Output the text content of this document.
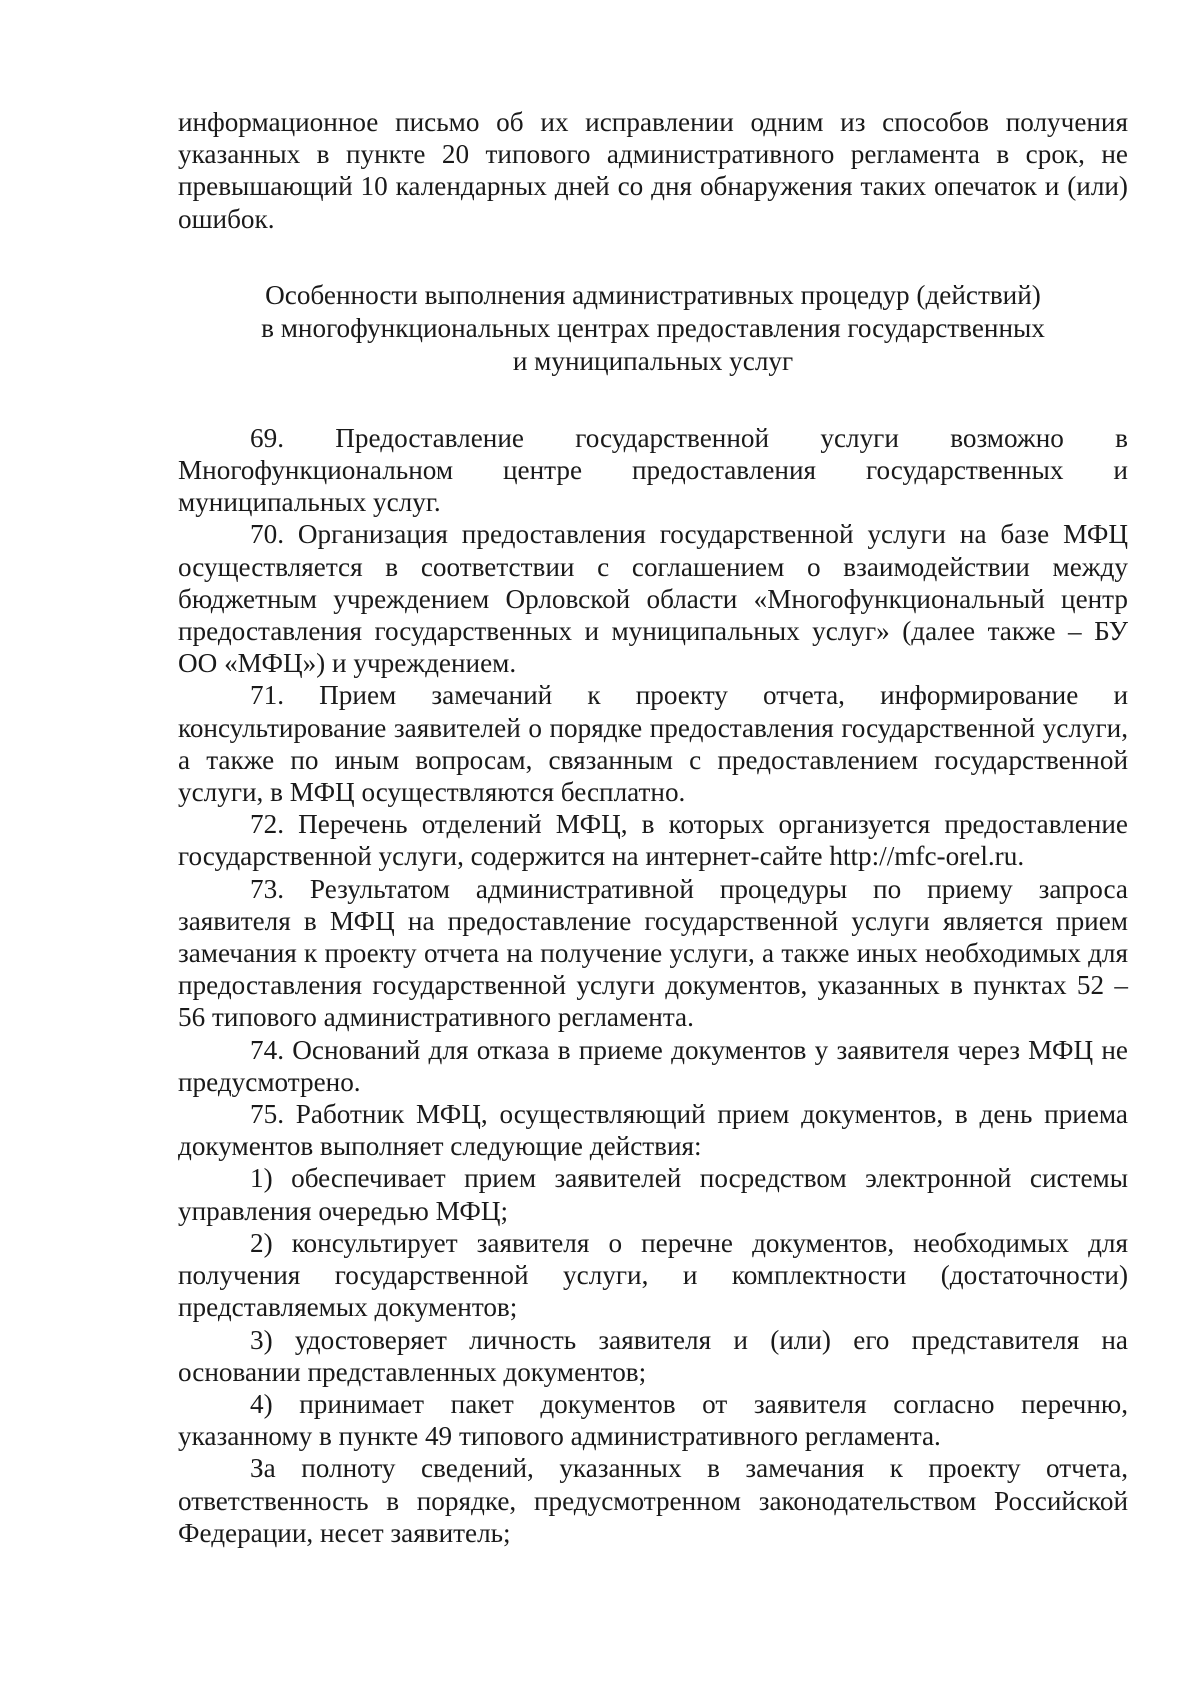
информационное письмо об их исправлении одним из способов получения указанных в пункте 20 типового административного регламента в срок, не превышающий 10 календарных дней со дня обнаружения таких опечаток и (или) ошибок.

Особенности выполнения административных процедур (действий)
в многофункциональных центрах предоставления государственных
и муниципальных услуг

69. Предоставление государственной услуги возможно в Многофункциональном центре предоставления государственных и муниципальных услуг.

70. Организация предоставления государственной услуги на базе МФЦ осуществляется в соответствии с соглашением о взаимодействии между бюджетным учреждением Орловской области «Многофункциональный центр предоставления государственных и муниципальных услуг» (далее также – БУ ОО «МФЦ») и учреждением.

71. Прием замечаний к проекту отчета, информирование и консультирование заявителей о порядке предоставления государственной услуги, а также по иным вопросам, связанным с предоставлением государственной услуги, в МФЦ осуществляются бесплатно.

72. Перечень отделений МФЦ, в которых организуется предоставление государственной услуги, содержится на интернет-сайте http://mfc-orel.ru.

73. Результатом административной процедуры по приему запроса заявителя в МФЦ на предоставление государственной услуги является прием замечания к проекту отчета на получение услуги, а также иных необходимых для предоставления государственной услуги документов, указанных в пунктах 52 – 56 типового административного регламента.

74. Оснований для отказа в приеме документов у заявителя через МФЦ не предусмотрено.

75. Работник МФЦ, осуществляющий прием документов, в день приема документов выполняет следующие действия:

1) обеспечивает прием заявителей посредством электронной системы управления очередью МФЦ;

2) консультирует заявителя о перечне документов, необходимых для получения государственной услуги, и комплектности (достаточности) представляемых документов;

3) удостоверяет личность заявителя и (или) его представителя на основании представленных документов;

4) принимает пакет документов от заявителя согласно перечню, указанному в пункте 49 типового административного регламента.

За полноту сведений, указанных в замечания к проекту отчета, ответственность в порядке, предусмотренном законодательством Российской Федерации, несет заявитель;
